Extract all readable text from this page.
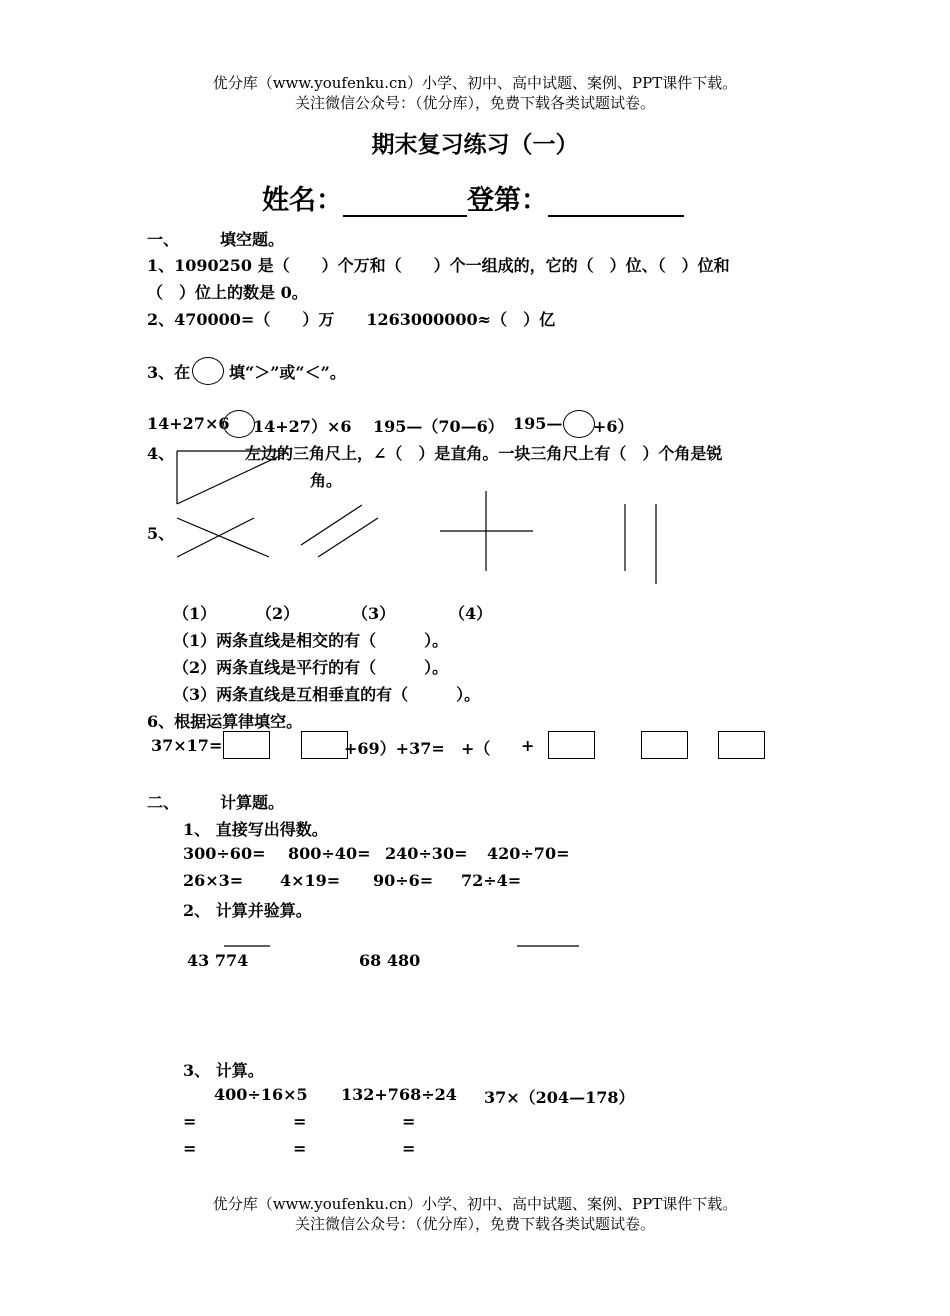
优分库（www.youfenku.cn）小学、初中、高中试题、案例、PPT课件下载。
关注微信公众号：（优分库），免费下载各类试题试卷。
期末复习练习（一）
姓名：	登第：
一、	填空题。
1、1090250 是（　　）个万和（　　）个一组成的，它的（　）位、（　）位和
（　）位上的数是 0。
2、470000=（　　）万　　1263000000≈（　）亿
3、在 填“＞”或“＜”。
14+27×6 14+27）×6 195—（70—6） 195— +6）
4、	左边的三角尺上，∠（　）是直角。一块三角尺上有（　）个角是锐
角。
5、
（1） （2）	（3）	（4）
（1）两条直线是相交的有（　　　）。
（2）两条直线是平行的有（　　　）。
（3）两条直线是互相垂直的有（　　　）。
6、根据运算律填空。
37×17=	+69）+37= +（ +
二、	计算题。
1、 直接写出得数。
300÷60= 800÷40= 240÷30= 420÷70=
26×3= 4×19= 90÷6= 72÷4=
2、 计算并验算。
43 774	68 480
3、 计算。
400÷16×5 132+768÷24 37×（204—178）
=	=	=
=	=	=
优分库（www.youfenku.cn）小学、初中、高中试题、案例、PPT课件下载。
关注微信公众号：（优分库），免费下载各类试题试卷。
